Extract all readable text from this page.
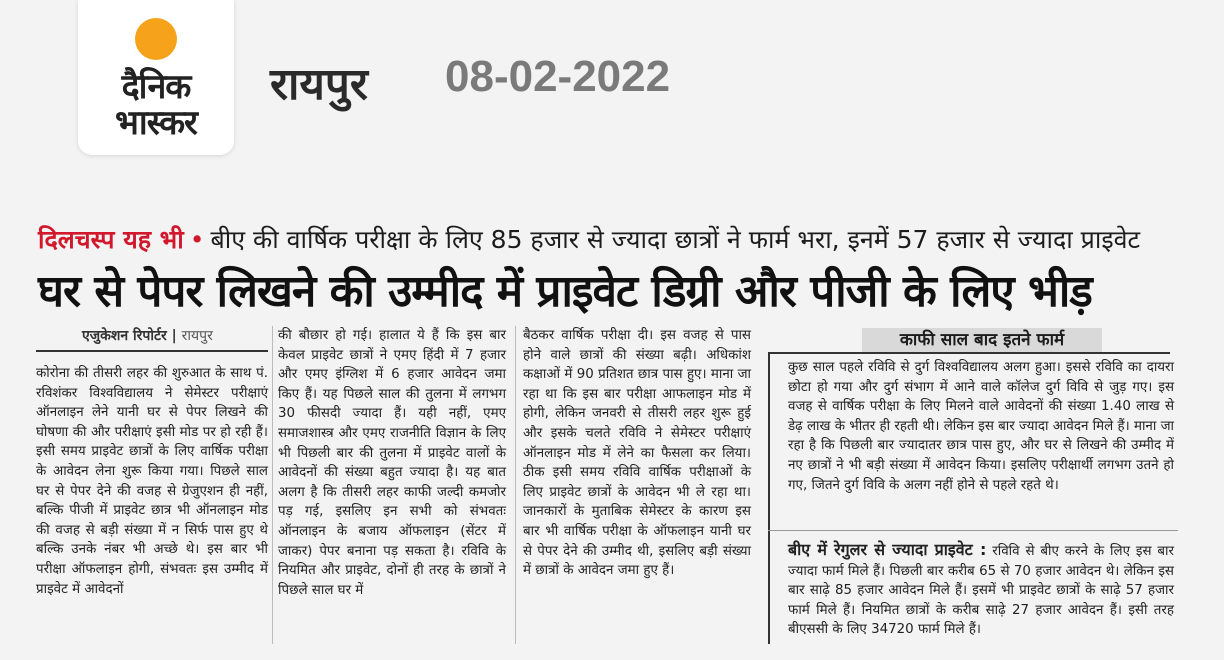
दैनिक
भास्कर
रायपुर 08-02-2022
दिलचस्प यह भी • बीए की वार्षिक परीक्षा के लिए 85 हजार से ज्यादा छात्रों ने फार्म भरा, इनमें 57 हजार से ज्यादा प्राइवेट
घर से पेपर लिखने की उम्मीद में प्राइवेट डिग्री और पीजी के लिए भीड़
एजुकेशन रिपोर्टर | रायपुर
कोरोना की तीसरी लहर की शुरुआत के साथ पं. रविशंकर विश्वविद्यालय ने सेमेस्टर परीक्षाएं ऑनलाइन लेने यानी घर से पेपर लिखने की घोषणा की और परीक्षाएं इसी मोड पर हो रही हैं। इसी समय प्राइवेट छात्रों के लिए वार्षिक परीक्षा के आवेदन लेना शुरू किया गया। पिछले साल घर से पेपर देने की वजह से ग्रेजुएशन ही नहीं, बल्कि पीजी में प्राइवेट छात्र भी ऑनलाइन मोड की वजह से बड़ी संख्या में न सिर्फ पास हुए थे बल्कि उनके नंबर भी अच्छे थे। इस बार भी परीक्षा ऑफलाइन होगी, संभवतः इस उम्मीद में प्राइवेट में आवेदनों
की बौछार हो गई। हालात ये हैं कि इस बार केवल प्राइवेट छात्रों ने एमए हिंदी में 7 हजार और एमए इंग्लिश में 6 हजार आवेदन जमा किए हैं। यह पिछले साल की तुलना में लगभग 30 फीसदी ज्यादा हैं। यही नहीं, एमए समाजशास्त्र और एमए राजनीति विज्ञान के लिए भी पिछली बार की तुलना में प्राइवेट वालों के आवेदनों की संख्या बहुत ज्यादा है। यह बात अलग है कि तीसरी लहर काफी जल्दी कमजोर पड़ गई, इसलिए इन सभी को संभवतः ऑनलाइन के बजाय ऑफलाइन (सेंटर में जाकर) पेपर बनाना पड़ सकता है। रविवि के नियमित और प्राइवेट, दोनों ही तरह के छात्रों ने पिछले साल घर में
बैठकर वार्षिक परीक्षा दी। इस वजह से पास होने वाले छात्रों की संख्या बढ़ी। अधिकांश कक्षाओं में 90 प्रतिशत छात्र पास हुए। माना जा रहा था कि इस बार परीक्षा आफलाइन मोड में होगी, लेकिन जनवरी से तीसरी लहर शुरू हुई और इसके चलते रविवि ने सेमेस्टर परीक्षाएं ऑनलाइन मोड में लेने का फैसला कर लिया। ठीक इसी समय रविवि वार्षिक परीक्षाओं के लिए प्राइवेट छात्रों के आवेदन भी ले रहा था। जानकारों के मुताबिक सेमेस्टर के कारण इस बार भी वार्षिक परीक्षा के ऑफलाइन यानी घर से पेपर देने की उम्मीद थी, इसलिए बड़ी संख्या में छात्रों के आवेदन जमा हुए हैं।
काफी साल बाद इतने फार्म
कुछ साल पहले रविवि से दुर्ग विश्वविद्यालय अलग हुआ। इससे रविवि का दायरा छोटा हो गया और दुर्ग संभाग में आने वाले कॉलेज दुर्ग विवि से जुड़ गए। इस वजह से वार्षिक परीक्षा के लिए मिलने वाले आवेदनों की संख्या 1.40 लाख से डेढ़ लाख के भीतर ही रहती थी। लेकिन इस बार ज्यादा आवेदन मिले हैं। माना जा रहा है कि पिछली बार ज्यादातर छात्र पास हुए, और घर से लिखने की उम्मीद में नए छात्रों ने भी बड़ी संख्या में आवेदन किया। इसलिए परीक्षार्थी लगभग उतने हो गए, जितने दुर्ग विवि के अलग नहीं होने से पहले रहते थे।
बीए में रेगुलर से ज्यादा प्राइवेट : रविवि से बीए करने के लिए इस बार ज्यादा फार्म मिले हैं। पिछली बार करीब 65 से 70 हजार आवेदन थे। लेकिन इस बार साढ़े 85 हजार आवेदन मिले हैं। इसमें भी प्राइवेट छात्रों के साढ़े 57 हजार फार्म मिले हैं। नियमित छात्रों के करीब साढ़े 27 हजार आवेदन हैं। इसी तरह बीएससी के लिए 34720 फार्म मिले हैं।
